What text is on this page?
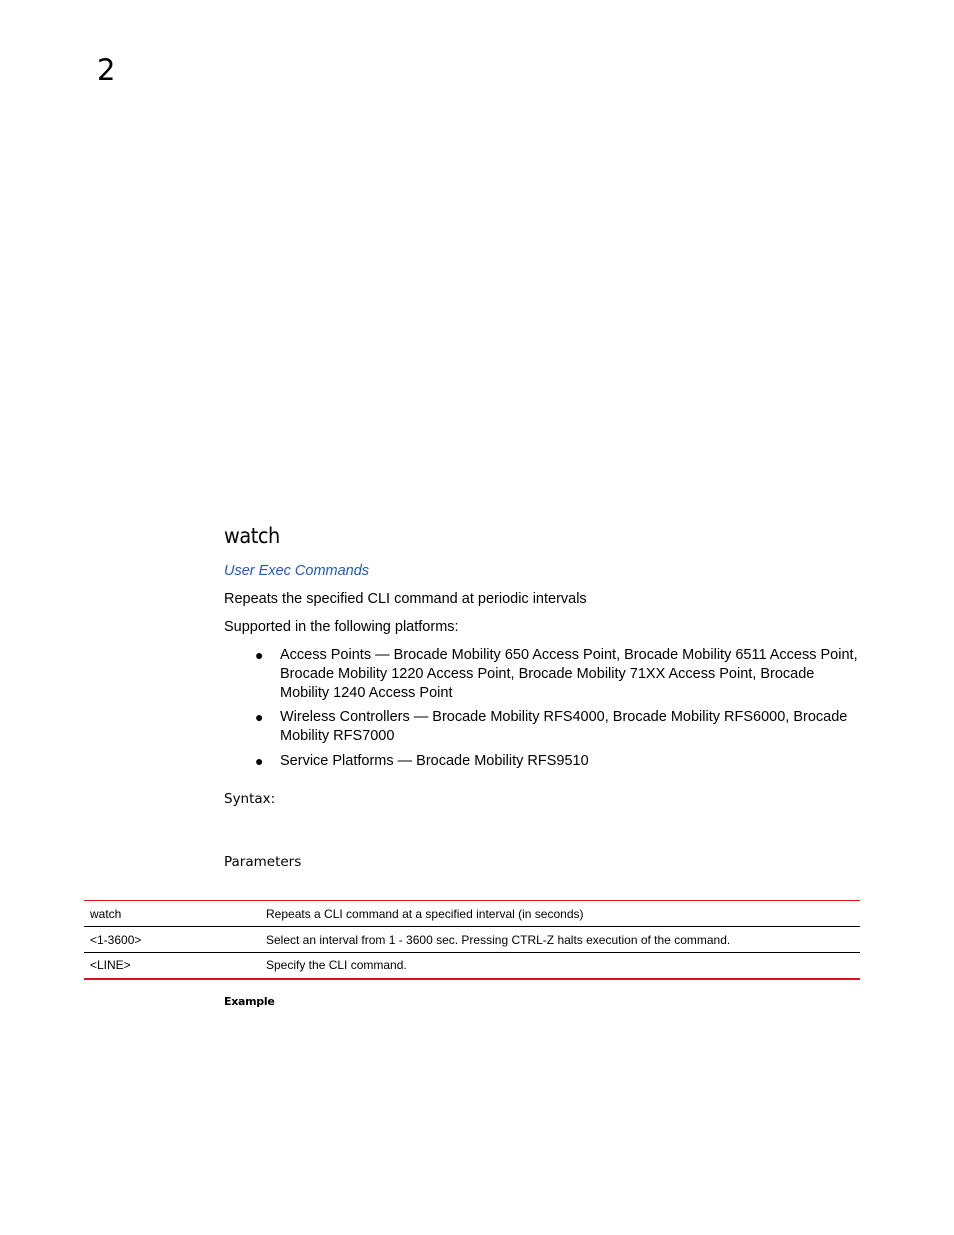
2
watch
User Exec Commands

Repeats the specified CLI command at periodic intervals

Supported in the following platforms:

● Access Points — Brocade Mobility 650 Access Point, Brocade Mobility 6511 Access Point,
Brocade Mobility 1220 Access Point, Brocade Mobility 71XX Access Point, Brocade
Mobility 1240 Access Point
● Wireless Controllers — Brocade Mobility RFS4000, Brocade Mobility RFS6000, Brocade
Mobility RFS7000
● Service Platforms — Brocade Mobility RFS9510
Syntax:
Parameters
Example
watch	Repeats a CLI command at a specified interval (in seconds)
<1-3600>	Select an interval from 1 - 3600 sec. Pressing CTRL-Z halts execution of the command.
<LINE>	Specify the CLI command.
